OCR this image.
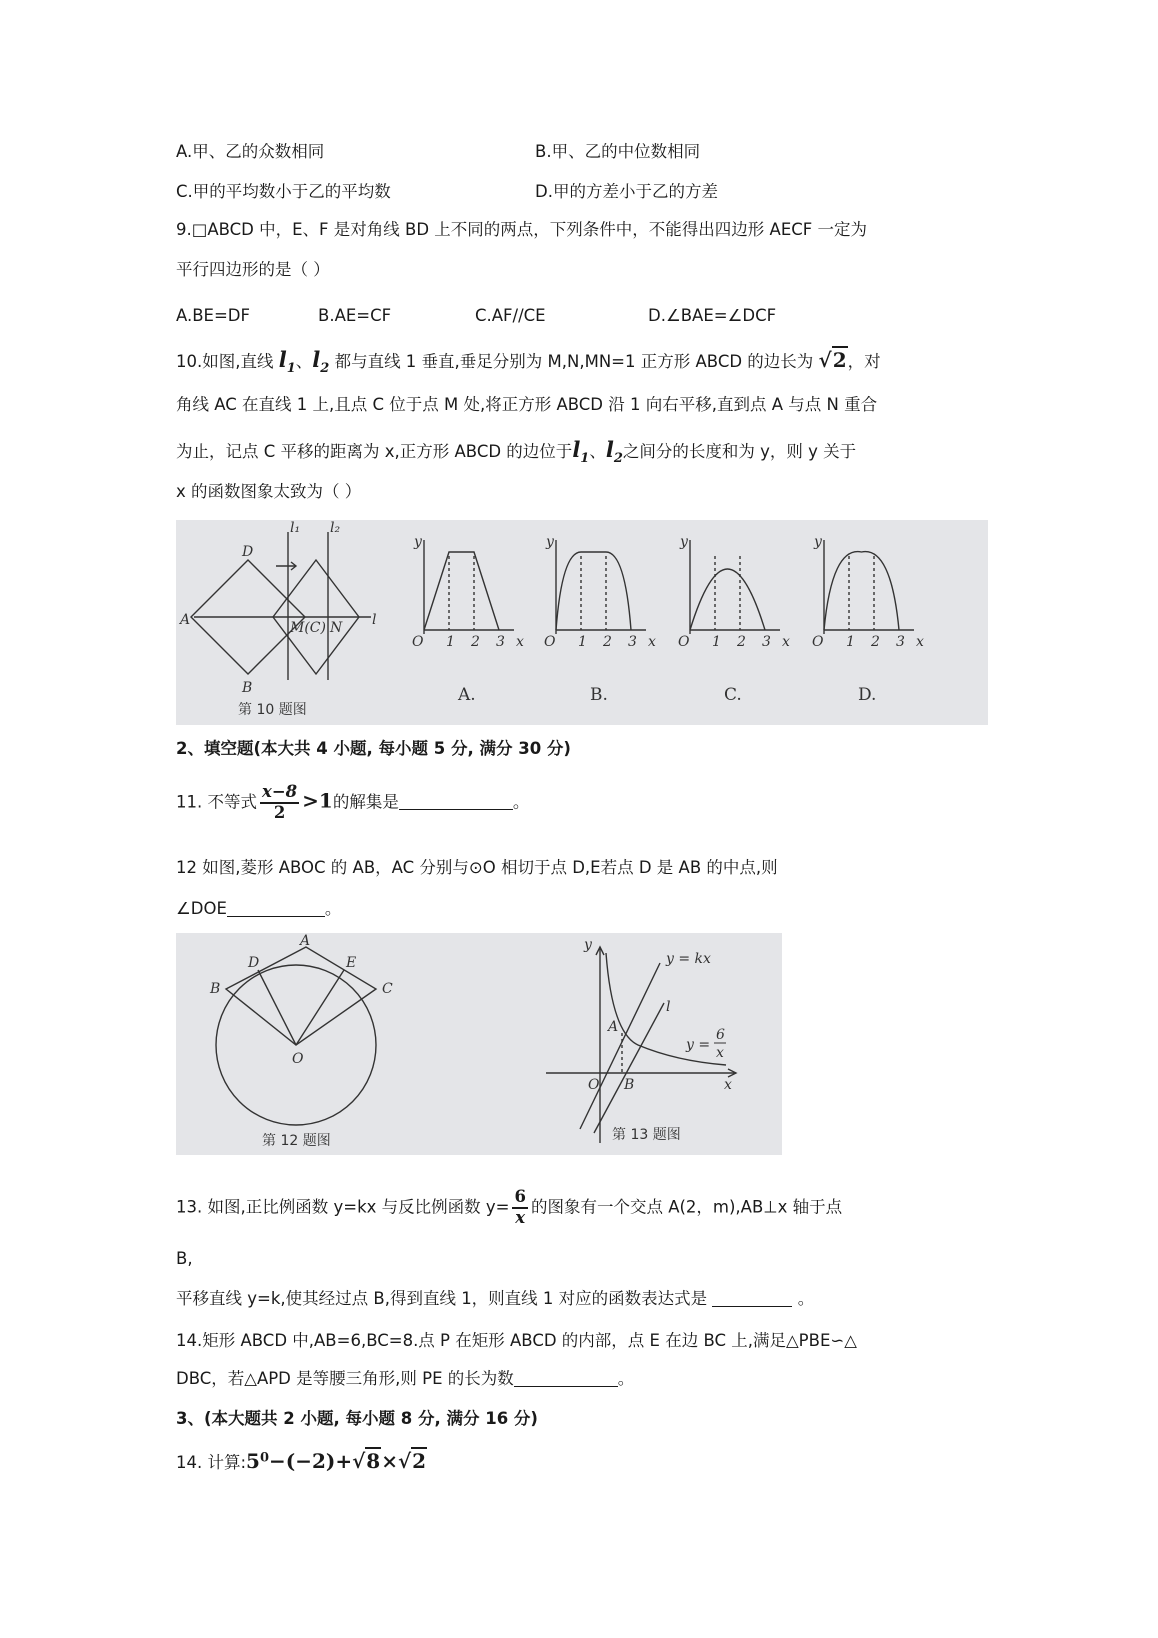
A.甲、乙的众数相同	B.甲、乙的中位数相同
C.甲的平均数小于乙的平均数	D.甲的方差小于乙的方差
9.□ABCD 中，E、F 是对角线 BD 上不同的两点，下列条件中，不能得出四边形 AECF 一定为
平行四边形的是（ ）
A.BE=DF	B.AE=CF	C.AF//CE	D.∠BAE=∠DCF
10.如图,直线 $l_1$、$l_2$ 都与直线 1 垂直,垂足分别为 M,N,MN=1 正方形 ABCD 的边长为 √2，对
角线 AC 在直线 1 上,且点 C 位于点 M 处,将正方形 ABCD 沿 1 向右平移,直到点 A 与点 N 重合
为止，记点 C 平移的距离为 x,正方形 ABCD 的边位于$l_1$、$l_2$之间分的长度和为 y，则 y 关于
x 的函数图象太致为（ ）
l₁ l₂
D
A
B
M(C) N l
第 10 题图
y
x
O 1 2 3
A.
y
x
O 1 2 3
B.
y
x
O 1 2 3
C.
y
x
O 1 2 3
D.
2、填空题(本大共 4 小题, 每小题 5 分, 满分 30 分)
11. 不等式 $\frac{x-8}{2} >1$的解集是	。
12 如图,菱形 ABOC 的 AB，AC 分别与⊙O 相切于点 D,E若点 D 是 AB 的中点,则
∠DOE	。
A
D	E
B	C
O
第 12 题图
y
x
y = kx
l
A
O B
y =
6
x
第 13 题图
13. 如图,正比例函数 y=kx 与反比例函数 $y= \frac{6}{x}$ 的图象有一个交点 A(2，m),AB⊥x 轴于点
B,
平移直线 y=k,使其经过点 B,得到直线 1，则直线 1 对应的函数表达式是	。
14.矩形 ABCD 中,AB=6,BC=8.点 P 在矩形 ABCD 的内部，点 E 在边 BC 上,满足△PBE∽△
DBC，若△APD 是等腰三角形,则 PE 的长为数	。
3、(本大题共 2 小题, 每小题 8 分, 满分 16 分)
14. 计算$:5^0-(-2)+√8\times√2$
